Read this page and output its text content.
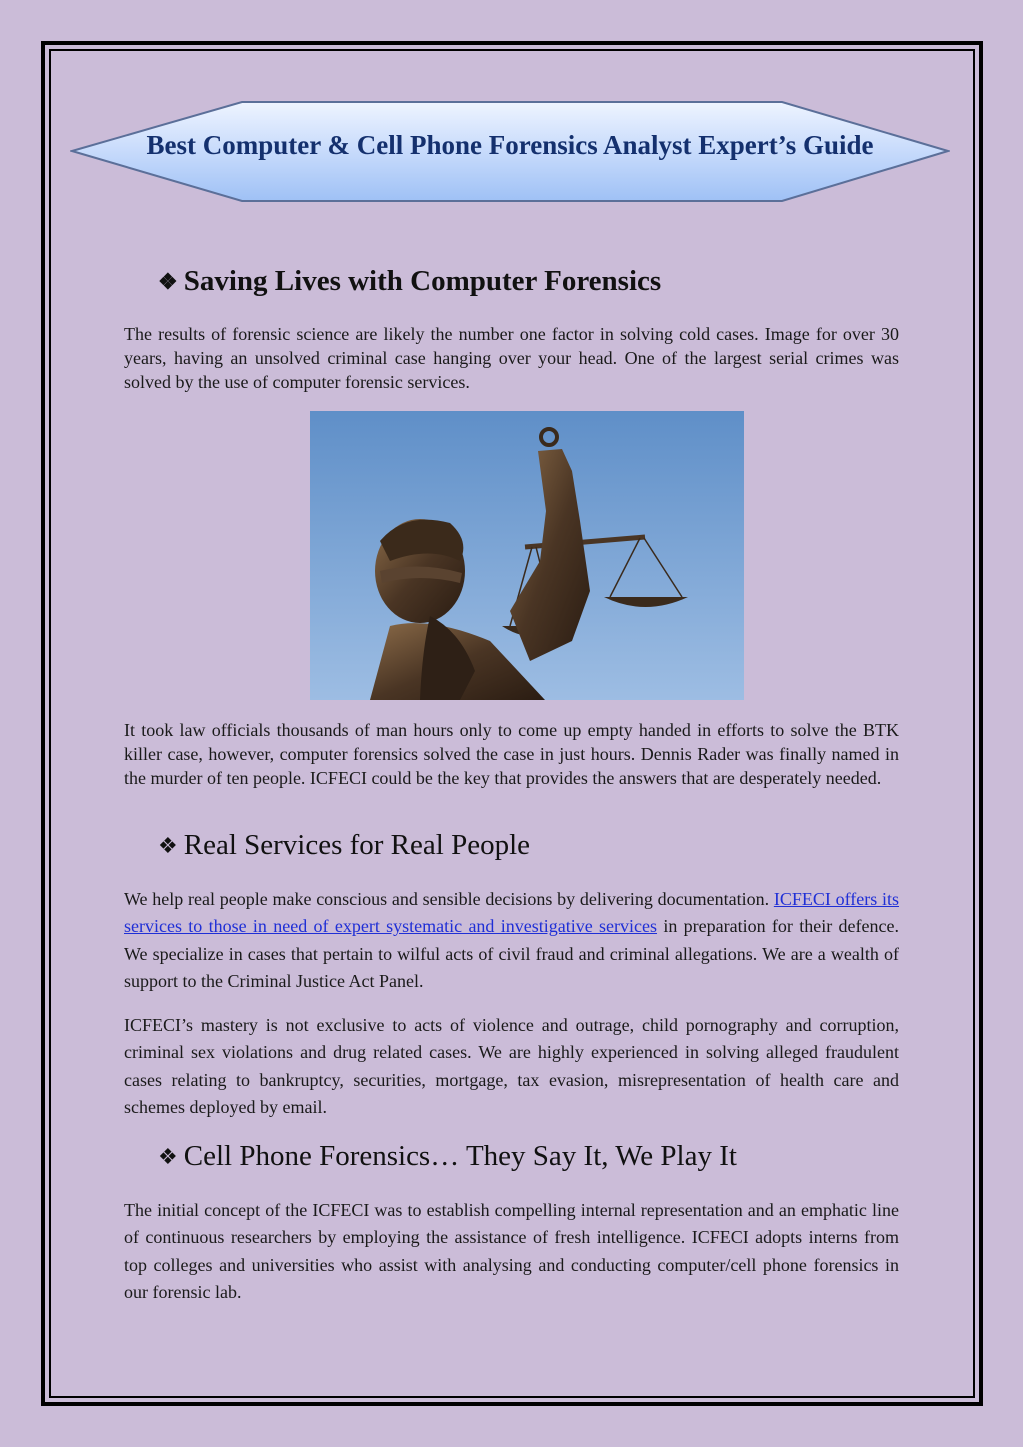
Best Computer & Cell Phone Forensics Analyst Expert’s Guide
❖ Saving Lives with Computer Forensics
The results of forensic science are likely the number one factor in solving cold cases. Image for over 30 years, having an unsolved criminal case hanging over your head. One of the largest serial crimes was solved by the use of computer forensic services.
It took law officials thousands of man hours only to come up empty handed in efforts to solve the BTK killer case, however, computer forensics solved the case in just hours. Dennis Rader was finally named in the murder of ten people. ICFECI could be the key that provides the answers that are desperately needed.
❖ Real Services for Real People
We help real people make conscious and sensible decisions by delivering documentation. ICFECI offers its services to those in need of expert systematic and investigative services in preparation for their defence. We specialize in cases that pertain to wilful acts of civil fraud and criminal allegations. We are a wealth of support to the Criminal Justice Act Panel.
ICFECI’s mastery is not exclusive to acts of violence and outrage, child pornography and corruption, criminal sex violations and drug related cases. We are highly experienced in solving alleged fraudulent cases relating to bankruptcy, securities, mortgage, tax evasion, misrepresentation of health care and schemes deployed by email.
❖ Cell Phone Forensics… They Say It, We Play It
The initial concept of the ICFECI was to establish compelling internal representation and an emphatic line of continuous researchers by employing the assistance of fresh intelligence. ICFECI adopts interns from top colleges and universities who assist with analysing and conducting computer/cell phone forensics in our forensic lab.
